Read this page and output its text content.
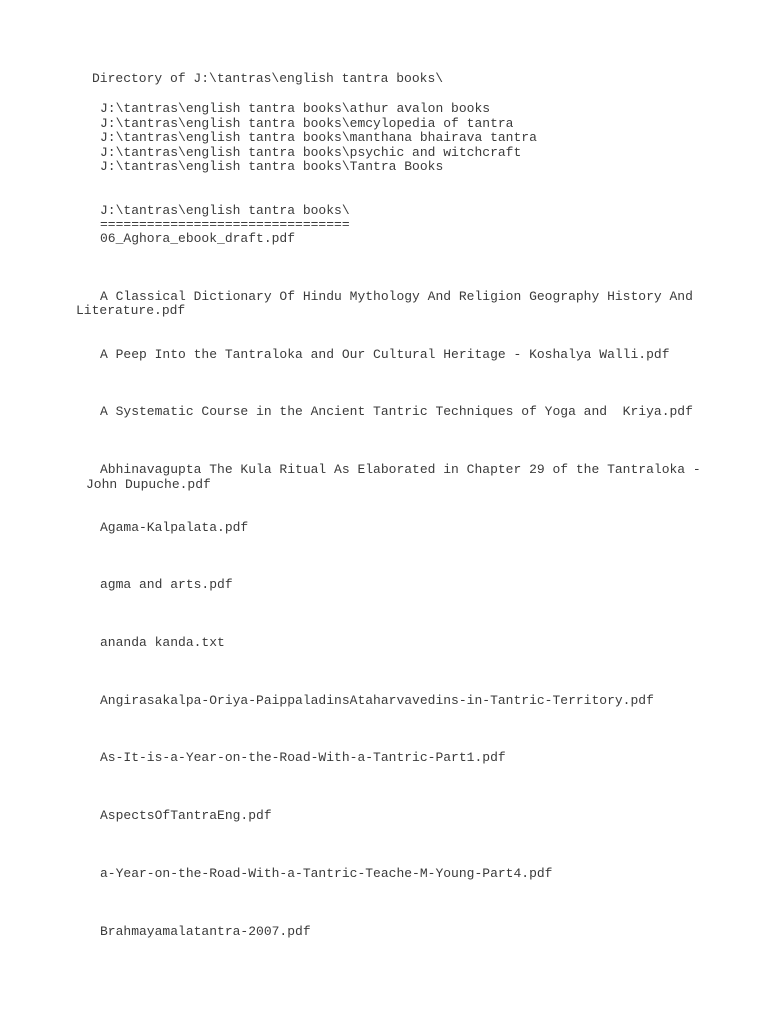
Directory of J:\tantras\english tantra books\
J:\tantras\english tantra books\athur avalon books
J:\tantras\english tantra books\emcylopedia of tantra
J:\tantras\english tantra books\manthana bhairava tantra
J:\tantras\english tantra books\psychic and witchcraft
J:\tantras\english tantra books\Tantra Books
J:\tantras\english tantra books\
================================
06_Aghora_ebook_draft.pdf
A Classical Dictionary Of Hindu Mythology And Religion Geography History And
Literature.pdf
A Peep Into the Tantraloka and Our Cultural Heritage - Koshalya Walli.pdf
A Systematic Course in the Ancient Tantric Techniques of Yoga and  Kriya.pdf
Abhinavagupta The Kula Ritual As Elaborated in Chapter 29 of the Tantraloka -
John Dupuche.pdf
Agama-Kalpalata.pdf
agma and arts.pdf
ananda kanda.txt
Angirasakalpa-Oriya-PaippaladinsAtaharvavedins-in-Tantric-Territory.pdf
As-It-is-a-Year-on-the-Road-With-a-Tantric-Part1.pdf
AspectsOfTantraEng.pdf
a-Year-on-the-Road-With-a-Tantric-Teache-M-Young-Part4.pdf
Brahmayamalatantra-2007.pdf
